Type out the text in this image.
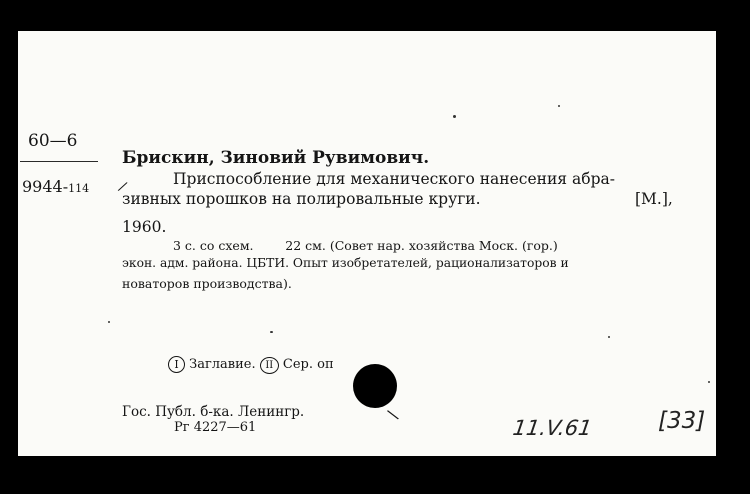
60—6
9944-114
Брискин, Зиновий Рувимович.
Приспособление для механического нанесения абра-
зивных порошков на полировальные круги.	[М.],
1960.
3 с. со схем.        22 см. (Совет нар. хозяйства Моск. (гор.)
экон. адм. района. ЦБТИ. Опыт изобретателей, рационализаторов и
новаторов производства).
I Заглавие. II Сер. оп
Гос. Публ. б-ка. Ленингр.
Рг 4227—61	11.V.61	[33]
/
\
